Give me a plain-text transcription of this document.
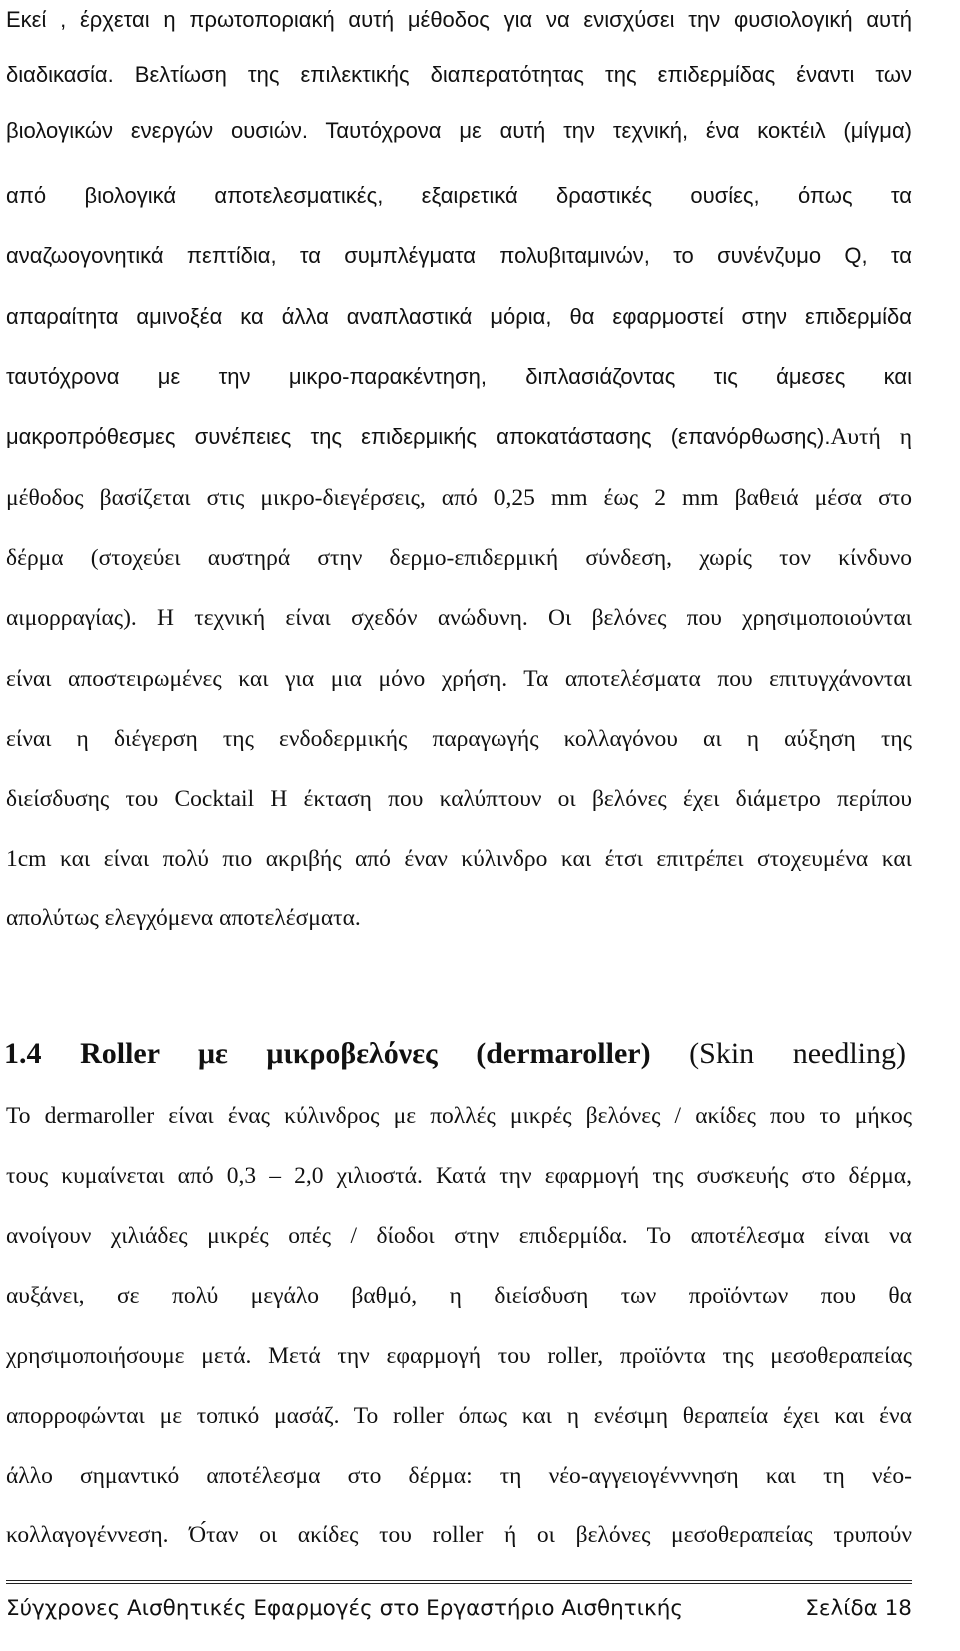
Εκεί , έρχεται η πρωτοποριακή αυτή μέθοδος για να ενισχύσει την φυσιολογική αυτή
διαδικασία. Βελτίωση της επιλεκτικής διαπερατότητας της επιδερμίδας έναντι των
βιολογικών ενεργών ουσιών. Ταυτόχρονα με αυτή την τεχνική, ένα κοκτέιλ (μίγμα)
από βιολογικά αποτελεσματικές, εξαιρετικά δραστικές ουσίες, όπως τα
αναζωογονητικά πεπτίδια, τα συμπλέγματα πολυβιταμινών, το συνένζυμο Q, τα
απαραίτητα αμινοξέα κα άλλα αναπλαστικά μόρια, θα εφαρμοστεί στην επιδερμίδα
ταυτόχρονα με την μικρο-παρακέντηση, διπλασιάζοντας τις άμεσες και
μακροπρόθεσμες συνέπειες της επιδερμικής αποκατάστασης (επανόρθωσης).Αυτή η
μέθοδος βασίζεται στις μικρο-διεγέρσεις, από 0,25 mm έως 2 mm βαθειά μέσα στο
δέρμα (στοχεύει αυστηρά στην δερμο-επιδερμική σύνδεση, χωρίς τον κίνδυνο
αιμορραγίας). Η τεχνική είναι σχεδόν ανώδυνη. Οι βελόνες που χρησιμοποιούνται
είναι αποστειρωμένες και για μια μόνο χρήση. Τα αποτελέσματα που επιτυγχάνονται
είναι η διέγερση της ενδοδερμικής παραγωγής κολλαγόνου αι η αύξηση της
διείσδυσης του Cocktail Η έκταση που καλύπτουν οι βελόνες έχει διάμετρο περίπου
1cm και είναι πολύ πιο ακριβής από έναν κύλινδρο και έτσι επιτρέπει στοχευμένα και
απολύτως ελεγχόμενα αποτελέσματα.
1.4 Roller με μικροβελόνες (dermaroller) (Skin needling)
To dermaroller είναι ένας κύλινδρος με πολλές μικρές βελόνες / ακίδες που το μήκος
τους κυμαίνεται από 0,3 – 2,0 χιλιοστά. Κατά την εφαρμογή της συσκευής στο δέρμα,
ανοίγουν χιλιάδες μικρές οπές / δίοδοι στην επιδερμίδα. Το αποτέλεσμα είναι να
αυξάνει, σε πολύ μεγάλο βαθμό, η διείσδυση των προϊόντων που θα
χρησιμοποιήσουμε μετά. Μετά την εφαρμογή του roller, προϊόντα της μεσοθεραπείας
απορροφώνται με τοπικό μασάζ. Το roller όπως και η ενέσιμη θεραπεία έχει και ένα
άλλο σημαντικό αποτέλεσμα στο δέρμα: τη νέο-αγγειογένννηση και τη νέο-
κολλαγογέννεση. Ό́ταν οι ακίδες του roller ή οι βελόνες μεσοθεραπείας τρυπούν
Σύγχρονες Αισθητικές Εφαρμογές στο Εργαστήριο Αισθητικής	Σελίδα 18
